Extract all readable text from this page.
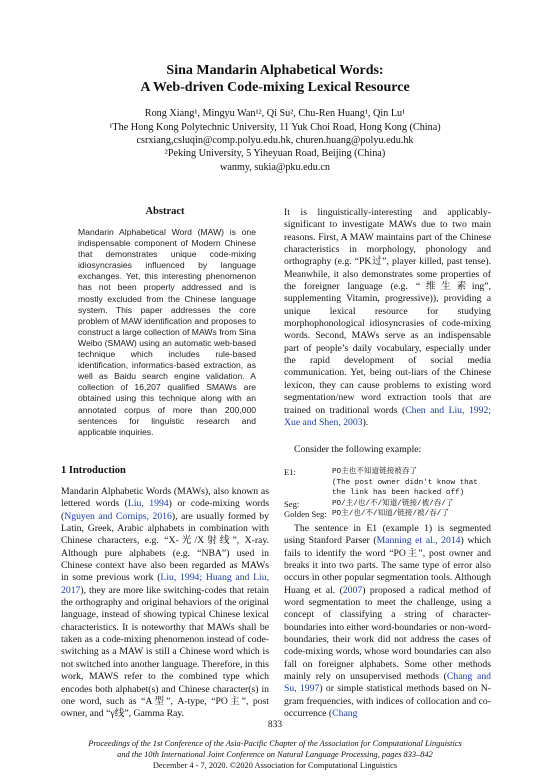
Sina Mandarin Alphabetical Words:
A Web-driven Code-mixing Lexical Resource
Rong Xiang¹, Mingyu Wan¹², Qi Su², Chu-Ren Huang¹, Qin Lu¹
¹The Hong Kong Polytechnic University, 11 Yuk Choi Road, Hong Kong (China)
csrxiang,csluqin@comp.polyu.edu.hk, churen.huang@polyu.edu.hk
²Peking University, 5 Yiheyuan Road, Beijing (China)
wanmy, sukia@pku.edu.cn
Abstract
Mandarin Alphabetical Word (MAW) is one indispensable component of Modern Chinese that demonstrates unique code-mixing idiosyncrasies influenced by language exchanges. Yet, this interesting phenomenon has not been properly addressed and is mostly excluded from the Chinese language system. This paper addresses the core problem of MAW identification and proposes to construct a large collection of MAWs from Sina Weibo (SMAW) using an automatic web-based technique which includes rule-based identification, informatics-based extraction, as well as Baidu search engine validation. A collection of 16,207 qualified SMAWs are obtained using this technique along with an annotated corpus of more than 200,000 sentences for linguistic research and applicable inquiries.
1 Introduction
Mandarin Alphabetic Words (MAWs), also known as lettered words (Liu, 1994) or code-mixing words (Nguyen and Cornips, 2016), are usually formed by Latin, Greek, Arabic alphabets in combination with Chinese characters, e.g. “X-光/X射线”, X-ray. Although pure alphabets (e.g. “NBA”) used in Chinese context have also been regarded as MAWs in some previous work (Liu, 1994; Huang and Liu, 2017), they are more like switching-codes that retain the orthography and original behaviors of the original language, instead of showing typical Chinese lexical characteristics. It is noteworthy that MAWs shall be taken as a code-mixing phenomenon instead of code-switching as a MAW is still a Chinese word which is not switched into another language. Therefore, in this work, MAWS refer to the combined type which encodes both alphabet(s) and Chinese character(s) in one word, such as “A型”, A-type, “PO主”, post owner, and “γ线”, Gamma Ray.
It is linguistically-interesting and applicably-significant to investigate MAWs due to two main reasons. First, A MAW maintains part of the Chinese characteristics in morphology, phonology and orthography (e.g. “PK过”, player killed, past tense). Meanwhile, it also demonstrates some properties of the foreigner language (e.g. “维生素ing”, supplementing Vitamin, progressive)), providing a unique lexical resource for studying morphophonological idiosyncrasies of code-mixing words. Second, MAWs serve as an indispensable part of people’s daily vocabulary, especially under the rapid development of social media communication. Yet, being out-liars of the Chinese lexicon, they can cause problems to existing word segmentation/new word extraction tools that are trained on traditional words (Chen and Liu, 1992; Xue and Shen, 2003).
Consider the following example:
E1:	PO主也不知道链接被吞了
(The post owner didn't know that
the link has been hacked off)
Seg:	PO/主/也/不/知道/链接/被/吞/了
Golden Seg: PO主/也/不/知道/链接/被/吞/了
The sentence in E1 (example 1) is segmented using Stanford Parser (Manning et al., 2014) which fails to identify the word “PO主”, post owner and breaks it into two parts. The same type of error also occurs in other popular segmentation tools. Although Huang et al. (2007) proposed a radical method of word segmentation to meet the challenge, using a concept of classifying a string of character-boundaries into either word-boundaries or non-word-boundaries, their work did not address the cases of code-mixing words, whose word boundaries can also fall on foreigner alphabets. Some other methods mainly rely on unsupervised methods (Chang and Su, 1997) or simple statistical methods based on N-gram frequencies, with indices of collocation and co-occurrence (Chang
833
Proceedings of the 1st Conference of the Asia-Pacific Chapter of the Association for Computational Linguistics
and the 10th International Joint Conference on Natural Language Processing, pages 833–842
December 4 - 7, 2020. ©2020 Association for Computational Linguistics
